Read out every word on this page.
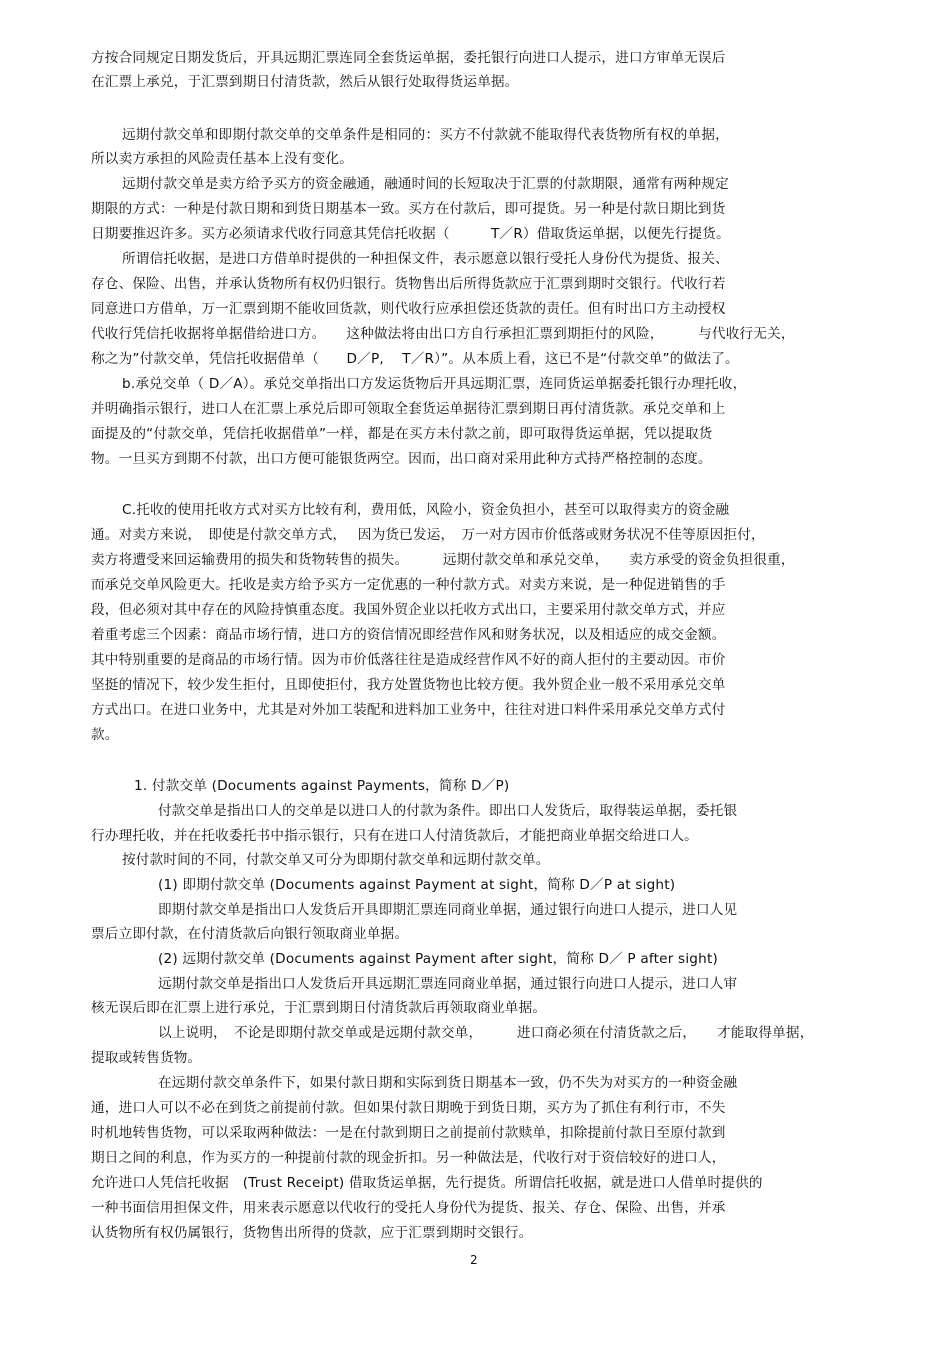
方按合同规定日期发货后，开具远期汇票连同全套货运单据，委托银行向进口人提示，进口方审单无误后
在汇票上承兑，于汇票到期日付清货款，然后从银行处取得货运单据。
远期付款交单和即期付款交单的交单条件是相同的：买方不付款就不能取得代表货物所有权的单据，
所以卖方承担的风险责任基本上没有变化。
远期付款交单是卖方给予买方的资金融通，融通时间的长短取决于汇票的付款期限，通常有两种规定
期限的方式：一种是付款日期和到货日期基本一致。买方在付款后，即可提货。另一种是付款日期比到货
日期要推迟许多。买方必须请求代收行同意其凭信托收据（　　　T／R）借取货运单据，以便先行提货。
所谓信托收据，是进口方借单时提供的一种担保文件，表示愿意以银行受托人身份代为提货、报关、
存仓、保险、出售，并承认货物所有权仍归银行。货物售出后所得货款应于汇票到期时交银行。代收行若
同意进口方借单，万一汇票到期不能收回货款，则代收行应承担偿还货款的责任。但有时出口方主动授权
代收行凭信托收据将单据借给进口方。　　这种做法将由出口方自行承担汇票到期拒付的风险，　　　与代收行无关，
称之为”付款交单，凭信托收据借单（　　D／P,　 T／R）”。从本质上看，这已不是“付款交单”的做法了。
b.承兑交单（ D／A）。承兑交单指出口方发运货物后开具远期汇票，连同货运单据委托银行办理托收，
并明确指示银行，进口人在汇票上承兑后即可领取全套货运单据待汇票到期日再付清货款。承兑交单和上
面提及的“付款交单，凭信托收据借单”一样，都是在买方未付款之前，即可取得货运单据，凭以提取货
物。一旦买方到期不付款，出口方便可能银货两空。因而，出口商对采用此种方式持严格控制的态度。
C.托收的使用托收方式对买方比较有利，费用低，风险小，资金负担小，甚至可以取得卖方的资金融
通。对卖方来说，　即使是付款交单方式，　 因为货已发运，　万一对方因市价低落或财务状况不佳等原因拒付，
卖方将遭受来回运输费用的损失和货物转售的损失。　　　远期付款交单和承兑交单，　　卖方承受的资金负担很重，
而承兑交单风险更大。托收是卖方给予买方一定优惠的一种付款方式。对卖方来说，是一种促进销售的手
段，但必须对其中存在的风险持慎重态度。我国外贸企业以托收方式出口，主要采用付款交单方式，并应
着重考虑三个因素：商品市场行情，进口方的资信情况即经营作风和财务状况，以及相适应的成交金额。
其中特别重要的是商品的市场行情。因为市价低落往往是造成经营作风不好的商人拒付的主要动因。市价
坚挺的情况下，较少发生拒付，且即使拒付，我方处置货物也比较方便。我外贸企业一般不采用承兑交单
方式出口。在进口业务中，尤其是对外加工装配和进料加工业务中，往往对进口料件采用承兑交单方式付
款。
1. 付款交单 (Documents against Payments，简称 D／P)
付款交单是指出口人的交单是以进口人的付款为条件。即出口人发货后，取得装运单据，委托银
行办理托收，并在托收委托书中指示银行，只有在进口人付清货款后，才能把商业单据交给进口人。
按付款时间的不同，付款交单又可分为即期付款交单和远期付款交单。
(1) 即期付款交单 (Documents against Payment at sight，简称 D／P at sight)
即期付款交单是指出口人发货后开具即期汇票连同商业单据，通过银行向进口人提示，进口人见
票后立即付款，在付清货款后向银行领取商业单据。
(2) 远期付款交单 (Documents against Payment after sight，简称 D／ P after sight)
远期付款交单是指出口人发货后开具远期汇票连同商业单据，通过银行向进口人提示，进口人审
核无误后即在汇票上进行承兑，于汇票到期日付清货款后再领取商业单据。
以上说明，　不论是即期付款交单或是远期付款交单，　　　进口商必须在付清货款之后，　　才能取得单据，
提取或转售货物。
在远期付款交单条件下，如果付款日期和实际到货日期基本一致，仍不失为对买方的一种资金融
通，进口人可以不必在到货之前提前付款。但如果付款日期晚于到货日期，买方为了抓住有利行市，不失
时机地转售货物，可以采取两种做法：一是在付款到期日之前提前付款赎单，扣除提前付款日至原付款到
期日之间的利息，作为买方的一种提前付款的现金折扣。另一种做法是，代收行对于资信较好的进口人，
允许进口人凭信托收据　(Trust Receipt) 借取货运单据，先行提货。所谓信托收据，就是进口人借单时提供的
一种书面信用担保文件，用来表示愿意以代收行的受托人身份代为提货、报关、存仓、保险、出售，并承
认货物所有权仍属银行，货物售出所得的贷款，应于汇票到期时交银行。
2
